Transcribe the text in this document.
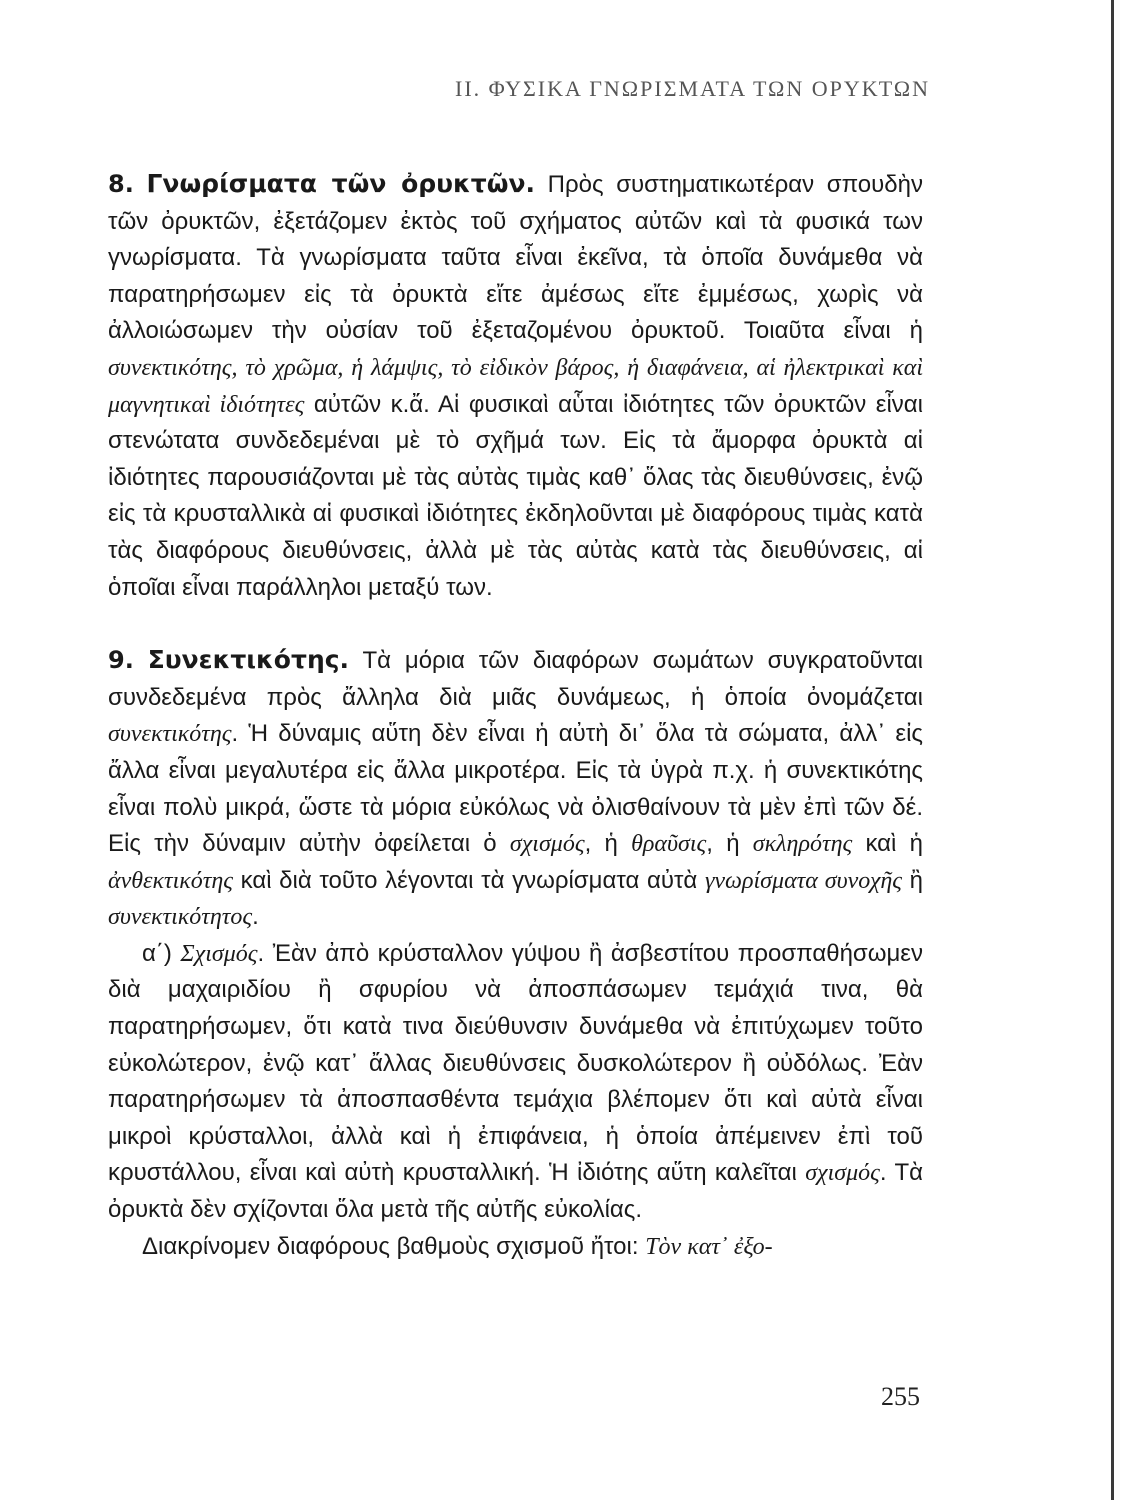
II. ΦΥΣΙΚΑ ΓΝΩΡΙΣΜΑΤΑ ΤΩΝ ΟΡΥΚΤΩΝ

8. Γνωρίσματα τῶν ὀρυκτῶν. Πρὸς συστηματικωτέραν σπουδὴν τῶν ὀρυκτῶν, ἐξετάζομεν ἐκτὸς τοῦ σχήματος αὐτῶν καὶ τὰ φυσικά των γνωρίσματα. Τὰ γνωρίσματα ταῦτα εἶναι ἐκεῖνα, τὰ ὁποῖα δυνάμεθα νὰ παρατηρήσωμεν εἰς τὰ ὀρυκτὰ εἴτε ἀμέσως εἴτε ἐμμέσως, χωρὶς νὰ ἀλλοιώσωμεν τὴν οὐσίαν τοῦ ἐξεταζομένου ὀρυκτοῦ. Τοιαῦτα εἶναι ἡ συνεκτικότης, τὸ χρῶμα, ἡ λάμψις, τὸ εἰδικὸν βάρος, ἡ διαφάνεια, αἱ ἠλεκτρικαὶ καὶ μαγνητικαὶ ἰδιότητες αὐτῶν κ.ἄ. Αἱ φυσικαὶ αὗται ἰδιότητες τῶν ὀρυκτῶν εἶναι στενώτατα συνδεδεμέναι μὲ τὸ σχῆμά των. Εἰς τὰ ἄμορφα ὀρυκτὰ αἱ ἰδιότητες παρουσιάζονται μὲ τὰς αὐτὰς τιμὰς καθ᾿ ὅλας τὰς διευθύνσεις, ἐνῷ εἰς τὰ κρυσταλλικὰ αἱ φυσικαὶ ἰδιότητες ἐκδηλοῦνται μὲ διαφόρους τιμὰς κατὰ τὰς διαφόρους διευθύνσεις, ἀλλὰ μὲ τὰς αὐτὰς κατὰ τὰς διευθύνσεις, αἱ ὁποῖαι εἶναι παράλληλοι μεταξύ των.

9. Συνεκτικότης. Τὰ μόρια τῶν διαφόρων σωμάτων συγκρατοῦνται συνδεδεμένα πρὸς ἄλληλα διὰ μιᾶς δυνάμεως, ἡ ὁποία ὀνομάζεται συνεκτικότης. Ἡ δύναμις αὕτη δὲν εἶναι ἡ αὐτὴ δι᾿ ὅλα τὰ σώματα, ἀλλ᾿ εἰς ἄλλα εἶναι μεγαλυτέρα εἰς ἄλλα μικροτέρα. Εἰς τὰ ὑγρὰ π.χ. ἡ συνεκτικότης εἶναι πολὺ μικρά, ὥστε τὰ μόρια εὐκόλως νὰ ὀλισθαίνουν τὰ μὲν ἐπὶ τῶν δέ. Εἰς τὴν δύναμιν αὐτὴν ὀφείλεται ὁ σχισμός, ἡ θραῦσις, ἡ σκληρότης καὶ ἡ ἀνθεκτικότης καὶ διὰ τοῦτο λέγονται τὰ γνωρίσματα αὐτὰ γνωρίσματα συνοχῆς ἢ συνεκτικότητος.

α΄) Σχισμός. Ἐὰν ἀπὸ κρύσταλλον γύψου ἢ ἀσβεστίτου προσπαθήσωμεν διὰ μαχαιριδίου ἢ σφυρίου νὰ ἀποσπάσωμεν τεμάχιά τινα, θὰ παρατηρήσωμεν, ὅτι κατὰ τινα διεύθυνσιν δυνάμεθα νὰ ἐπιτύχωμεν τοῦτο εὐκολώτερον, ἐνῷ κατ᾿ ἄλλας διευθύνσεις δυσκολώτερον ἢ οὐδόλως. Ἐὰν παρατηρήσωμεν τὰ ἀποσπασθέντα τεμάχια βλέπομεν ὅτι καὶ αὐτὰ εἶναι μικροὶ κρύσταλλοι, ἀλλὰ καὶ ἡ ἐπιφάνεια, ἡ ὁποία ἀπέμεινεν ἐπὶ τοῦ κρυστάλλου, εἶναι καὶ αὐτὴ κρυσταλλική. Ἡ ἰδιότης αὕτη καλεῖται σχισμός. Τὰ ὀρυκτὰ δὲν σχίζονται ὅλα μετὰ τῆς αὐτῆς εὐκολίας.

Διακρίνομεν διαφόρους βαθμοὺς σχισμοῦ ἤτοι: Τὸν κατ᾿ ἐξο-

255
